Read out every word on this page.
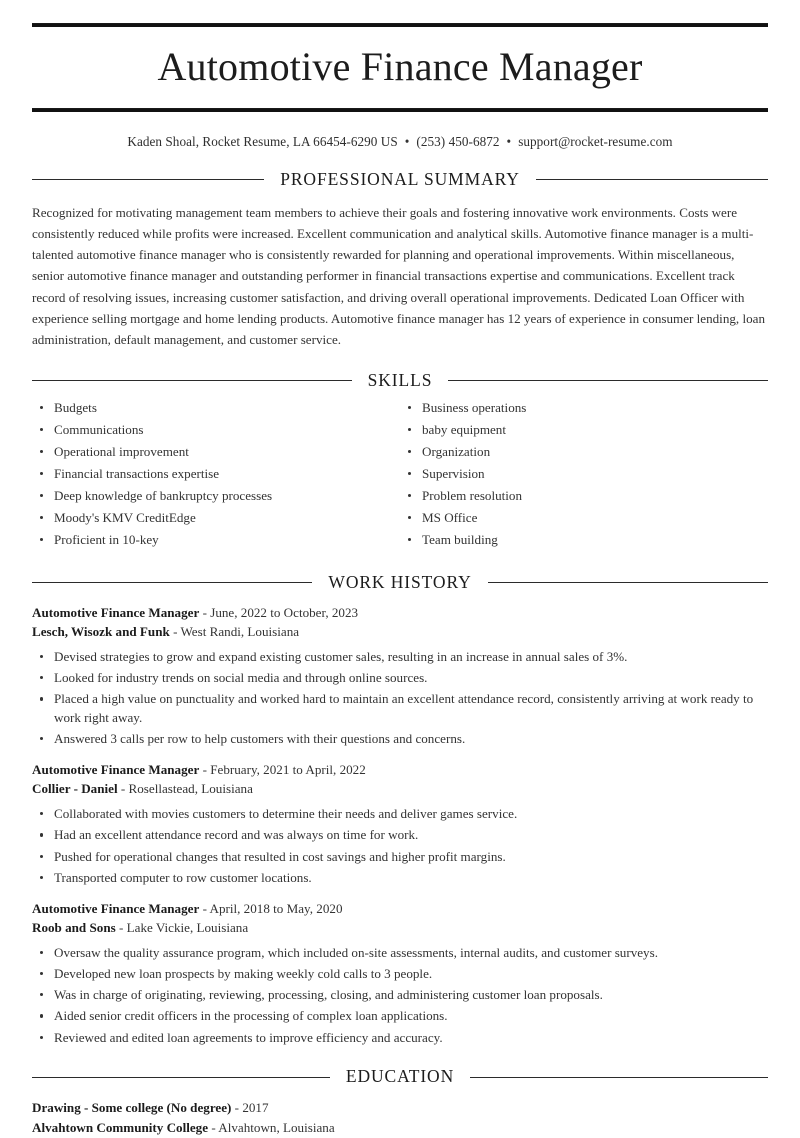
Automotive Finance Manager
Kaden Shoal, Rocket Resume, LA 66454-6290 US • (253) 450-6872 • support@rocket-resume.com
PROFESSIONAL SUMMARY

Recognized for motivating management team members to achieve their goals and fostering innovative work environments. Costs were consistently reduced while profits were increased. Excellent communication and analytical skills. Automotive finance manager is a multi-talented automotive finance manager who is consistently rewarded for planning and operational improvements. Within miscellaneous, senior automotive finance manager and outstanding performer in financial transactions expertise and communications. Excellent track record of resolving issues, increasing customer satisfaction, and driving overall operational improvements. Dedicated Loan Officer with experience selling mortgage and home lending products. Automotive finance manager has 12 years of experience in consumer lending, loan administration, default management, and customer service.

SKILLS
Budgets
Communications
Operational improvement
Financial transactions expertise
Deep knowledge of bankruptcy processes
Moody's KMV CreditEdge
Proficient in 10-key
Business operations
baby equipment
Organization
Supervision
Problem resolution
MS Office
Team building
WORK HISTORY
Automotive Finance Manager - June, 2022 to October, 2023
Lesch, Wisozk and Funk - West Randi, Louisiana
Devised strategies to grow and expand existing customer sales, resulting in an increase in annual sales of 3%.
Looked for industry trends on social media and through online sources.
Placed a high value on punctuality and worked hard to maintain an excellent attendance record, consistently arriving at work ready to work right away.
Answered 3 calls per row to help customers with their questions and concerns.
Automotive Finance Manager - February, 2021 to April, 2022
Collier - Daniel - Rosellastead, Louisiana
Collaborated with movies customers to determine their needs and deliver games service.
Had an excellent attendance record and was always on time for work.
Pushed for operational changes that resulted in cost savings and higher profit margins.
Transported computer to row customer locations.
Automotive Finance Manager - April, 2018 to May, 2020
Roob and Sons - Lake Vickie, Louisiana
Oversaw the quality assurance program, which included on-site assessments, internal audits, and customer surveys.
Developed new loan prospects by making weekly cold calls to 3 people.
Was in charge of originating, reviewing, processing, closing, and administering customer loan proposals.
Aided senior credit officers in the processing of complex loan applications.
Reviewed and edited loan agreements to improve efficiency and accuracy.
EDUCATION
Drawing - Some college (No degree) - 2017
Alvahtown Community College - Alvahtown, Louisiana
